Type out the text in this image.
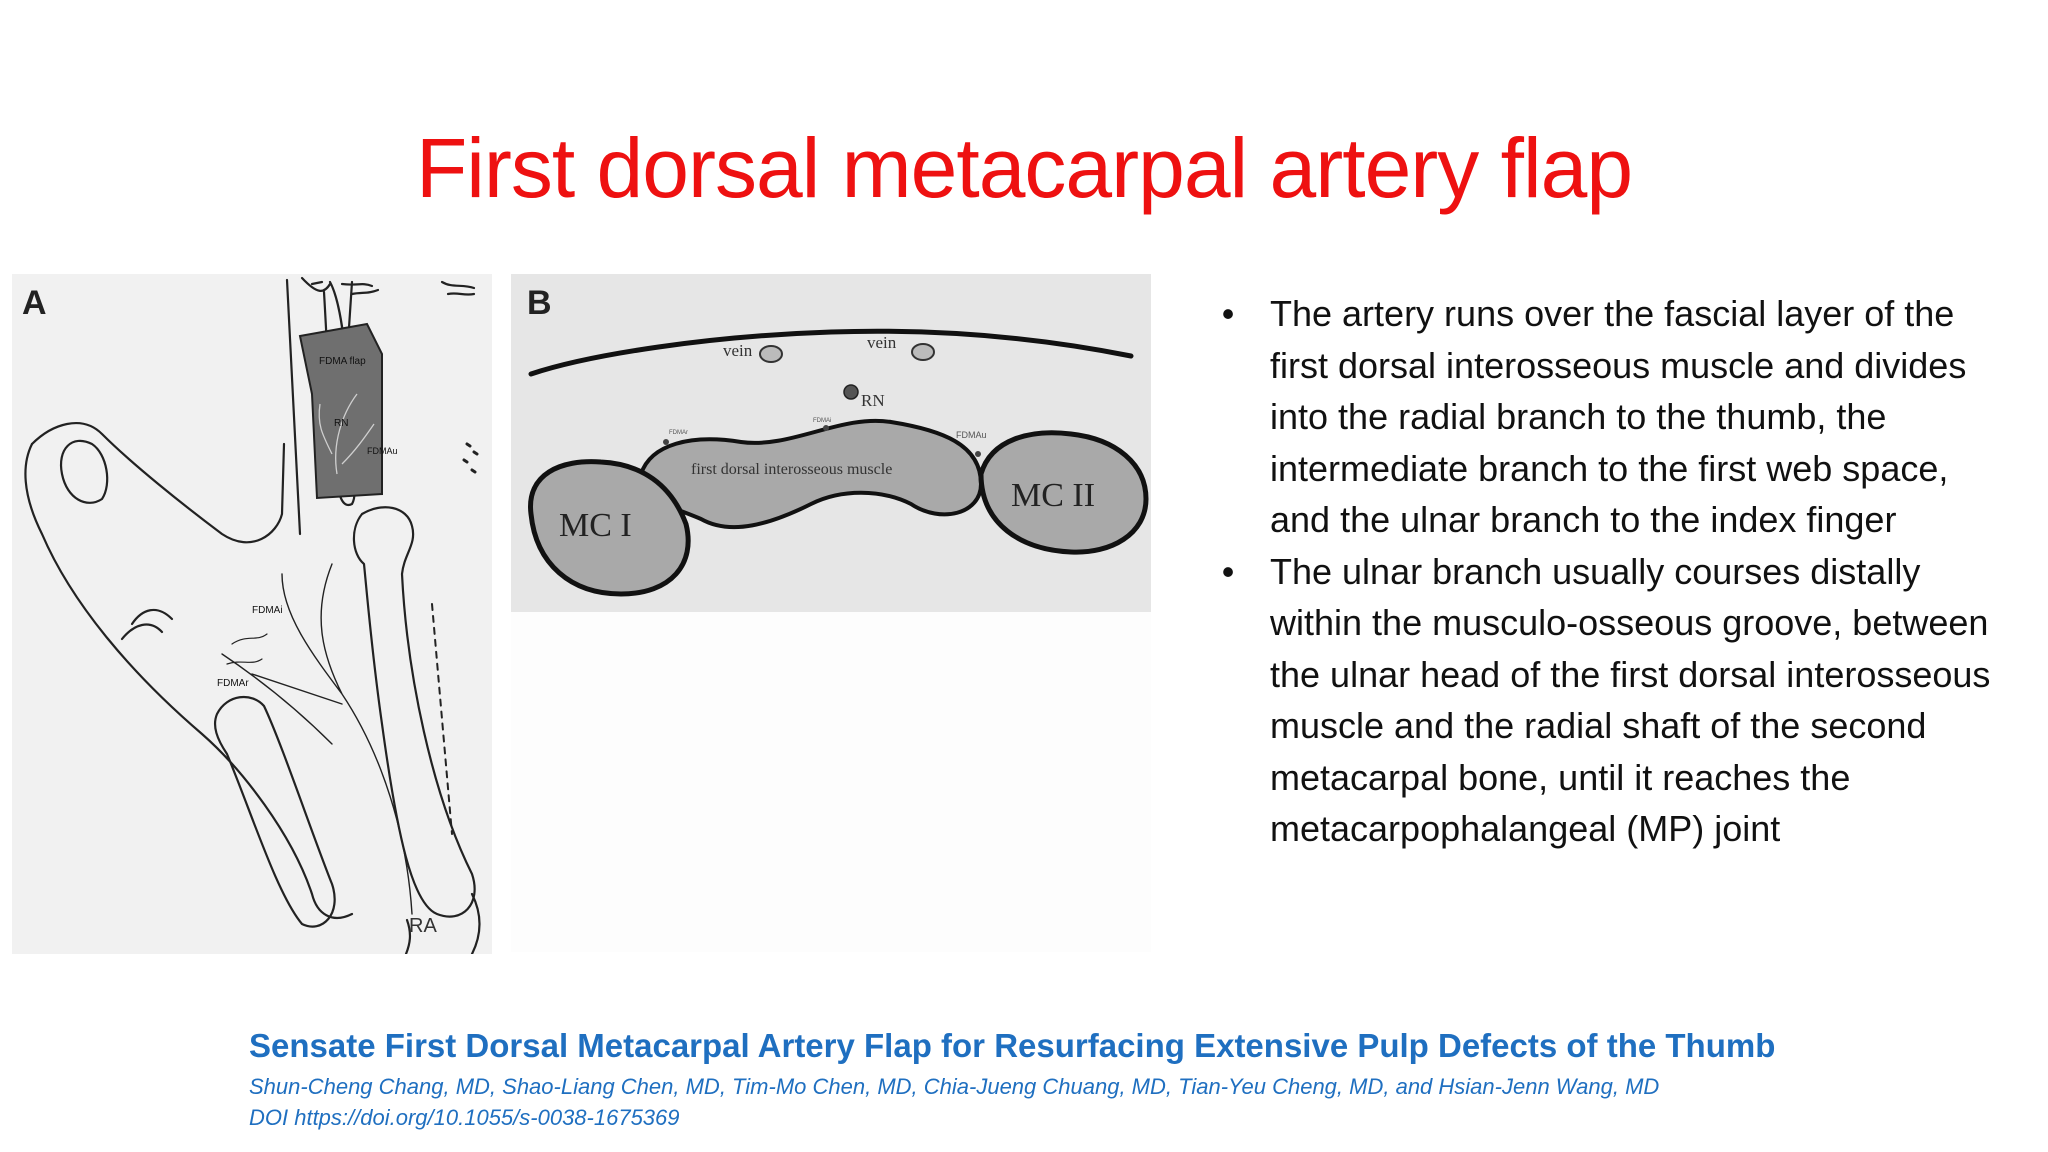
First dorsal metacarpal artery flap
FDMA flap
RN
FDMAu
FDMAi
FDMAr
RA
A
vein	vein
RN
FDMAr
FDMAi
FDMAu
first dorsal interosseous muscle
MC I
MC II
B	• The artery runs over the fascial layer of the first dorsal interosseous muscle and divides into the radial branch to the thumb, the intermediate branch to the first web space, and the ulnar branch to the index finger
• The ulnar branch usually courses distally within the musculo-osseous groove, between the ulnar head of the first dorsal interosseous muscle and the radial shaft of the second metacarpal bone, until it reaches the metacarpophalangeal (MP) joint
Sensate First Dorsal Metacarpal Artery Flap for Resurfacing Extensive Pulp Defects of the Thumb
Shun-Cheng Chang, MD, Shao-Liang Chen, MD, Tim-Mo Chen, MD, Chia-Jueng Chuang, MD, Tian-Yeu Cheng, MD, and Hsian-Jenn Wang, MD
DOI https://doi.org/10.1055/s-0038-1675369
